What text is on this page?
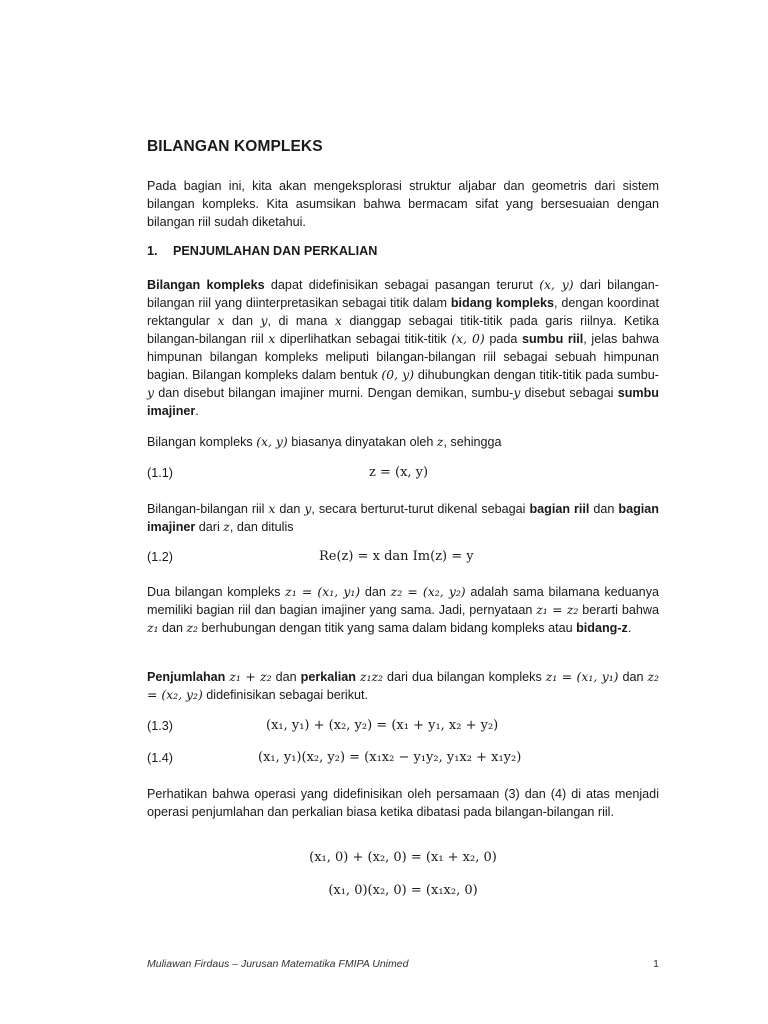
BILANGAN KOMPLEKS
Pada bagian ini, kita akan mengeksplorasi struktur aljabar dan geometris dari sistem bilangan kompleks. Kita asumsikan bahwa bermacam sifat yang bersesuaian dengan bilangan riil sudah diketahui.
1. PENJUMLAHAN DAN PERKALIAN
Bilangan kompleks dapat didefinisikan sebagai pasangan terurut (x, y) dari bilangan-bilangan riil yang diinterpretasikan sebagai titik dalam bidang kompleks, dengan koordinat rektangular x dan y, di mana x dianggap sebagai titik-titik pada garis riilnya. Ketika bilangan-bilangan riil x diperlihatkan sebagai titik-titik (x, 0) pada sumbu riil, jelas bahwa himpunan bilangan kompleks meliputi bilangan-bilangan riil sebagai sebuah himpunan bagian. Bilangan kompleks dalam bentuk (0, y) dihubungkan dengan titik-titik pada sumbu-y dan disebut bilangan imajiner murni. Dengan demikan, sumbu-y disebut sebagai sumbu imajiner.
Bilangan kompleks (x, y) biasanya dinyatakan oleh z, sehingga
(1.1)	z = (x, y)
Bilangan-bilangan riil x dan y, secara berturut-turut dikenal sebagai bagian riil dan bagian imajiner dari z, dan ditulis
(1.2)	Re(z) = x dan Im(z) = y
Dua bilangan kompleks z₁ = (x₁, y₁) dan z₂ = (x₂, y₂) adalah sama bilamana keduanya memiliki bagian riil dan bagian imajiner yang sama. Jadi, pernyataan z₁ = z₂ berarti bahwa z₁ dan z₂ berhubungan dengan titik yang sama dalam bidang kompleks atau bidang-z.
Penjumlahan z₁ + z₂ dan perkalian z₁z₂ dari dua bilangan kompleks z₁ = (x₁, y₁) dan z₂ = (x₂, y₂) didefinisikan sebagai berikut.
(1.3)	(x₁, y₁) + (x₂, y₂) = (x₁ + y₁, x₂ + y₂)
(1.4)	(x₁, y₁)(x₂, y₂) = (x₁x₂ − y₁y₂, y₁x₂ + x₁y₂)
Perhatikan bahwa operasi yang didefinisikan oleh persamaan (3) dan (4) di atas menjadi operasi penjumlahan dan perkalian biasa ketika dibatasi pada bilangan-bilangan riil.
(x₁, 0) + (x₂, 0) = (x₁ + x₂, 0)
(x₁, 0)(x₂, 0) = (x₁x₂, 0)
Muliawan Firdaus – Jurusan Matematika FMIPA Unimed	1
